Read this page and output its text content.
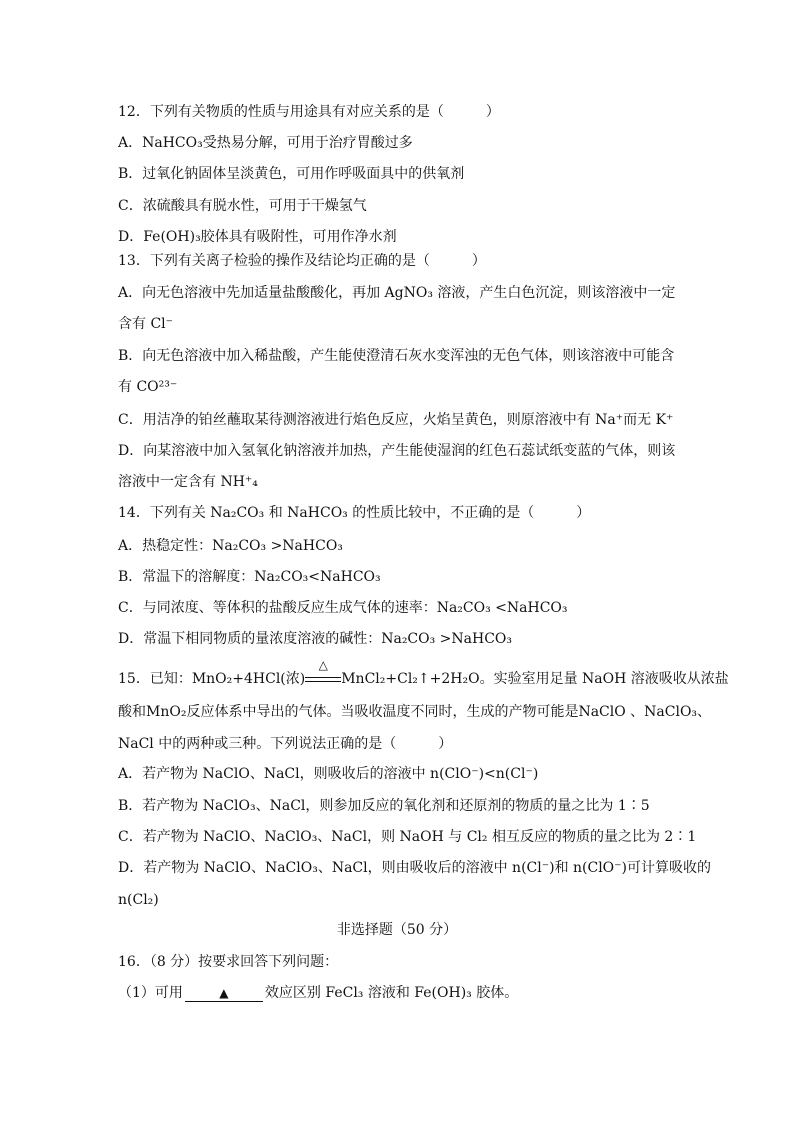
12．下列有关物质的性质与用途具有对应关系的是（　　　）
A．NaHCO₃受热易分解，可用于治疗胃酸过多
B．过氧化钠固体呈淡黄色，可用作呼吸面具中的供氧剂
C．浓硫酸具有脱水性，可用于干燥氢气
D．Fe(OH)₃胶体具有吸附性，可用作净水剂
13．下列有关离子检验的操作及结论均正确的是（　　　）
A．向无色溶液中先加适量盐酸酸化，再加 AgNO₃ 溶液，产生白色沉淀，则该溶液中一定
含有 Cl⁻
B．向无色溶液中加入稀盐酸，产生能使澄清石灰水变浑浊的无色气体，则该溶液中可能含
有 CO²³⁻
C．用洁净的铂丝蘸取某待测溶液进行焰色反应，火焰呈黄色，则原溶液中有 Na⁺而无 K⁺
D．向某溶液中加入氢氧化钠溶液并加热，产生能使湿润的红色石蕊试纸变蓝的气体，则该
溶液中一定含有 NH⁺₄
14．下列有关 Na₂CO₃ 和 NaHCO₃ 的性质比较中，不正确的是（　　　）
A．热稳定性：Na₂CO₃ >NaHCO₃
B．常温下的溶解度：Na₂CO₃<NaHCO₃
C．与同浓度、等体积的盐酸反应生成气体的速率：Na₂CO₃ <NaHCO₃
D．常温下相同物质的量浓度溶液的碱性：Na₂CO₃ >NaHCO₃
15．已知：MnO₂+4HCl(浓)
△
MnCl₂+Cl₂↑+2H₂O。实验室用足量 NaOH 溶液吸收从浓盐
酸和MnO₂反应体系中导出的气体。当吸收温度不同时，生成的产物可能是NaClO 、NaClO₃、
NaCl 中的两种或三种。下列说法正确的是（　　　）
A．若产物为 NaClO、NaCl，则吸收后的溶液中 n(ClO⁻)<n(Cl⁻)
B．若产物为 NaClO₃、NaCl，则参加反应的氧化剂和还原剂的物质的量之比为 1∶5
C．若产物为 NaClO、NaClO₃、NaCl，则 NaOH 与 Cl₂ 相互反应的物质的量之比为 2∶1
D．若产物为 NaClO、NaClO₃、NaCl，则由吸收后的溶液中 n(Cl⁻)和 n(ClO⁻)可计算吸收的
n(Cl₂)
非选择题（50 分）
16．（8 分）按要求回答下列问题：
（1）可用	▲	效应区别 FeCl₃ 溶液和 Fe(OH)₃ 胶体。
